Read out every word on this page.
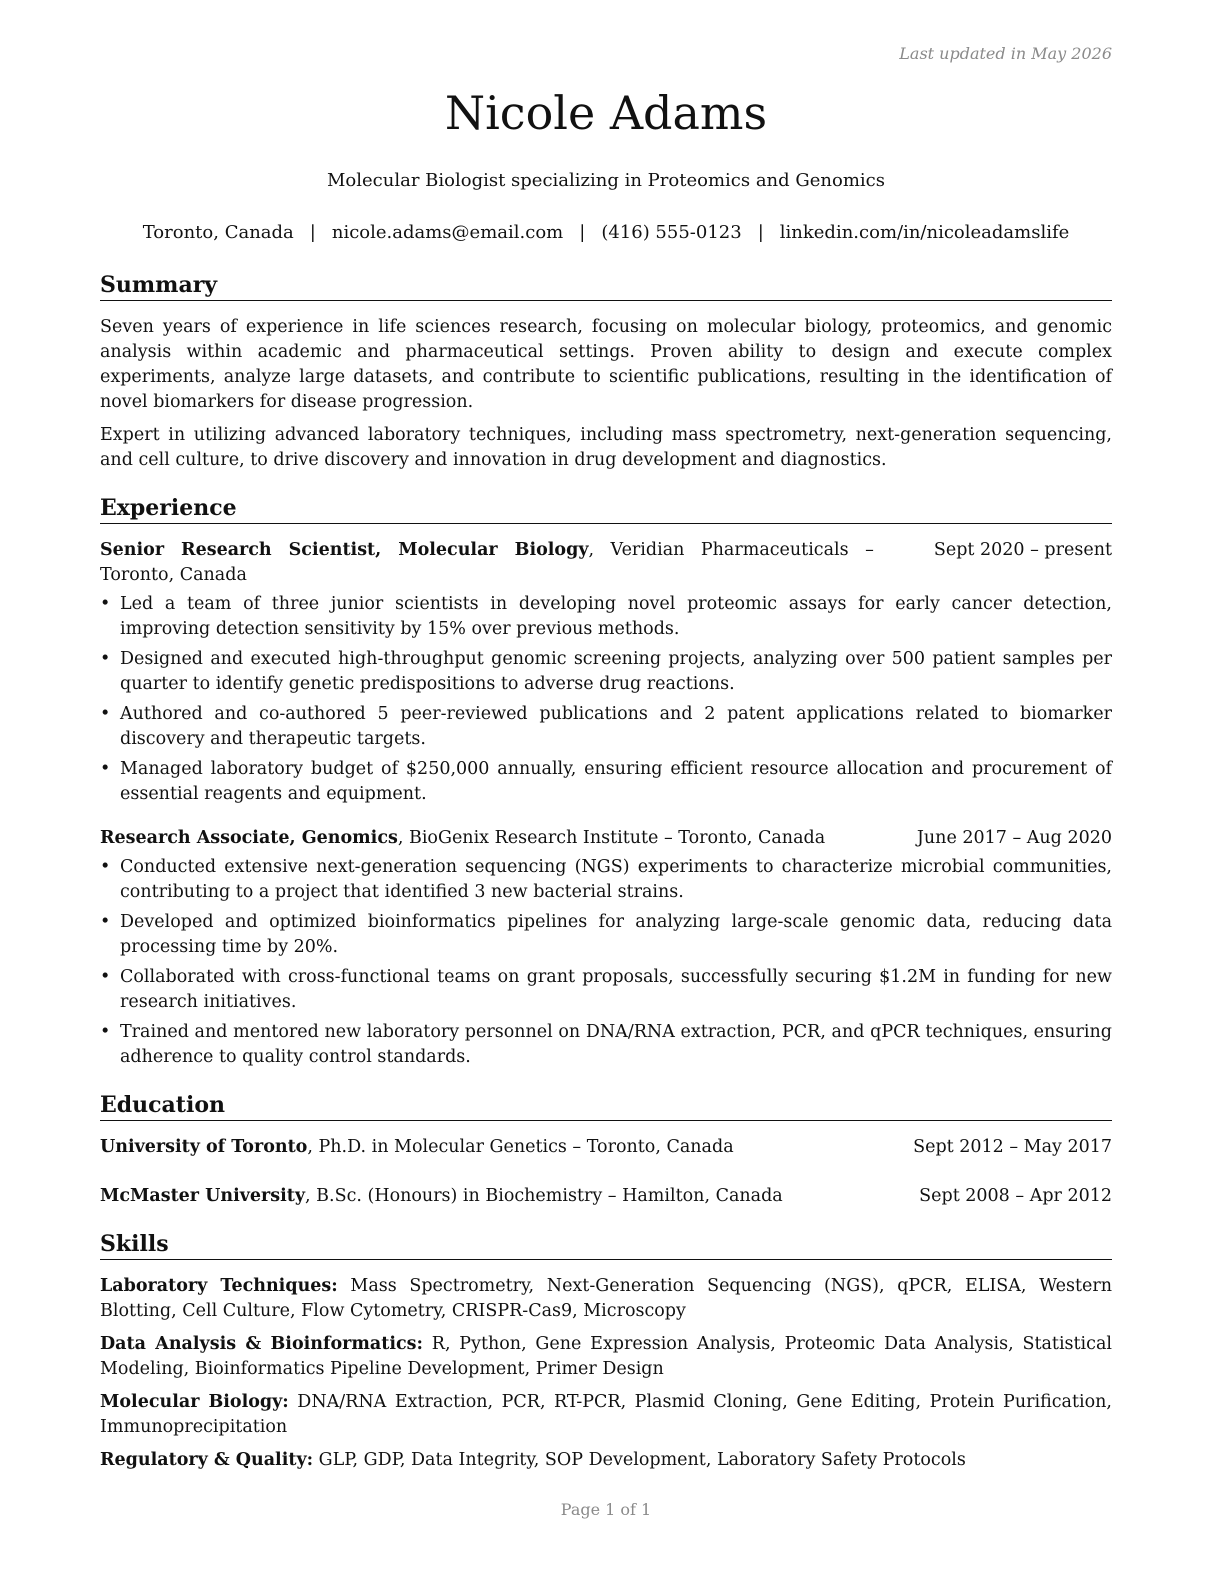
Last updated in May 2026
Nicole Adams

Molecular Biologist specializing in Proteomics and Genomics

Toronto, Canada | nicole.adams@email.com | (416) 555-0123 | linkedin.com/in/nicoleadamslife

Summary

Seven years of experience in life sciences research, focusing on molecular biology, proteomics, and genomic analysis within academic and pharmaceutical settings. Proven ability to design and execute complex experiments, analyze large datasets, and contribute to scientific publications, resulting in the identification of novel biomarkers for disease progression.

Expert in utilizing advanced laboratory techniques, including mass spectrometry, next-generation sequencing, and cell culture, to drive discovery and innovation in drug development and diagnostics.

Experience
Senior Research Scientist, Molecular Biology, Veridian Pharmaceuticals – Toronto, Canada
Sept 2020 – present
• Led a team of three junior scientists in developing novel proteomic assays for early cancer detection, improving detection sensitivity by 15% over previous methods.
• Designed and executed high-throughput genomic screening projects, analyzing over 500 patient samples per quarter to identify genetic predispositions to adverse drug reactions.
• Authored and co-authored 5 peer-reviewed publications and 2 patent applications related to biomarker discovery and therapeutic targets.
• Managed laboratory budget of $250,000 annually, ensuring efficient resource allocation and procurement of essential reagents and equipment.
Research Associate, Genomics, BioGenix Research Institute – Toronto, Canada	June 2017 – Aug 2020
• Conducted extensive next-generation sequencing (NGS) experiments to characterize microbial communities, contributing to a project that identified 3 new bacterial strains.
• Developed and optimized bioinformatics pipelines for analyzing large-scale genomic data, reducing data processing time by 20%.
• Collaborated with cross-functional teams on grant proposals, successfully securing $1.2M in funding for new research initiatives.
• Trained and mentored new laboratory personnel on DNA/RNA extraction, PCR, and qPCR techniques, ensuring adherence to quality control standards.
Education
University of Toronto, Ph.D. in Molecular Genetics – Toronto, Canada	Sept 2012 – May 2017
McMaster University, B.Sc. (Honours) in Biochemistry – Hamilton, Canada	Sept 2008 – Apr 2012
Skills

Laboratory Techniques: Mass Spectrometry, Next-Generation Sequencing (NGS), qPCR, ELISA, Western Blotting, Cell Culture, Flow Cytometry, CRISPR-Cas9, Microscopy

Data Analysis & Bioinformatics: R, Python, Gene Expression Analysis, Proteomic Data Analysis, Statistical Modeling, Bioinformatics Pipeline Development, Primer Design

Molecular Biology: DNA/RNA Extraction, PCR, RT-PCR, Plasmid Cloning, Gene Editing, Protein Purification, Immunoprecipitation

Regulatory & Quality: GLP, GDP, Data Integrity, SOP Development, Laboratory Safety Protocols

Page 1 of 1
